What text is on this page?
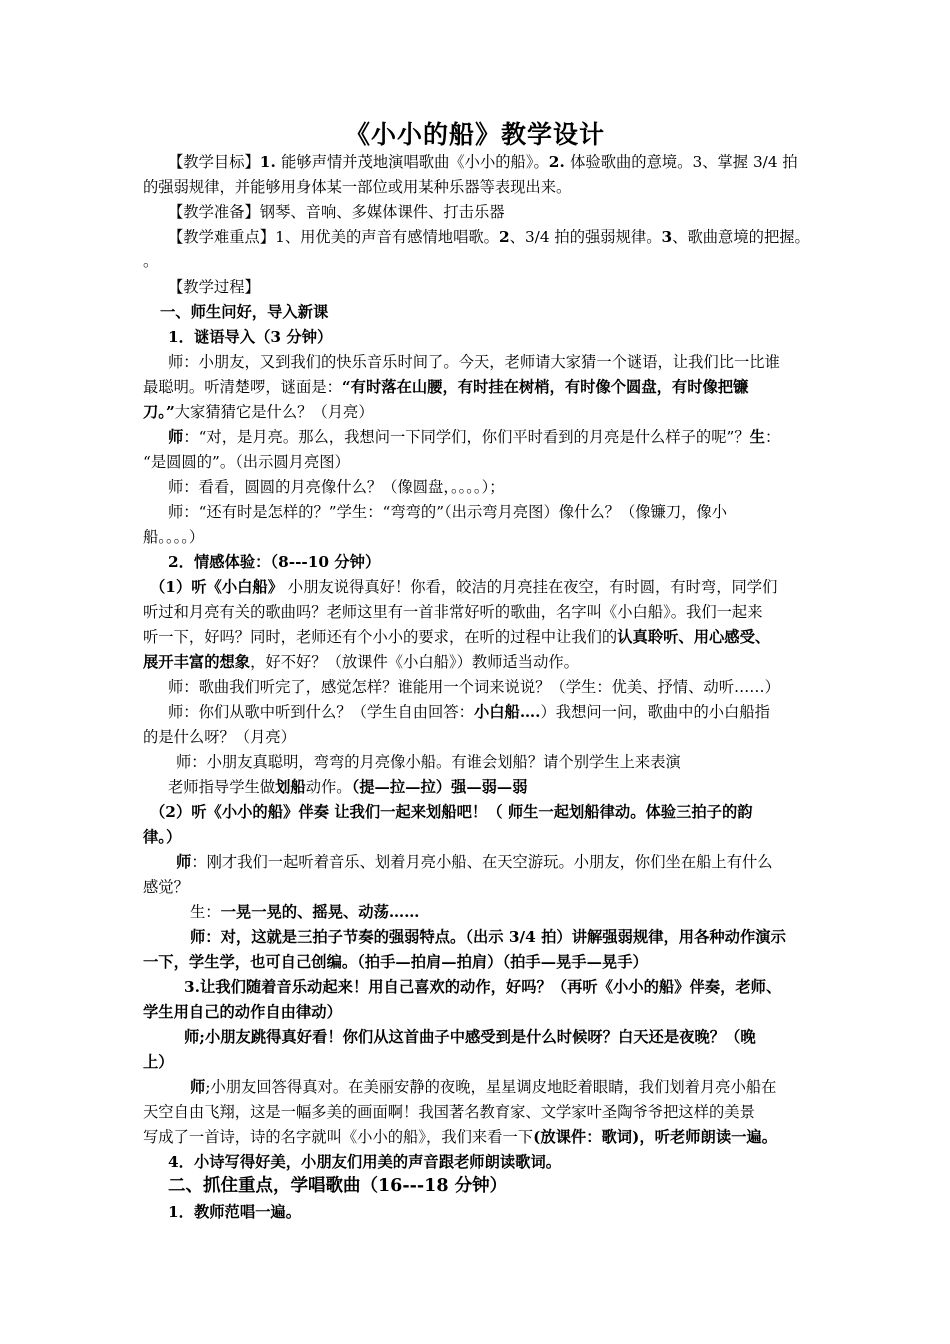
《小小的船》教学设计
【教学目标】1. 能够声情并茂地演唱歌曲《小小的船》。2. 体验歌曲的意境。3、掌握 3/4 拍
的强弱规律，并能够用身体某一部位或用某种乐器等表现出来。
【教学准备】钢琴、音响、多媒体课件、打击乐器
【教学难重点】1、用优美的声音有感情地唱歌。2、3/4 拍的强弱规律。3、歌曲意境的把握。
。
【教学过程】
一、师生问好，导入新课
1．谜语导入（3 分钟）
师：小朋友，又到我们的快乐音乐时间了。今天，老师请大家猜一个谜语，让我们比一比谁
最聪明。听清楚啰，谜面是：“有时落在山腰，有时挂在树梢，有时像个圆盘，有时像把镰
刀。”大家猜猜它是什么？（月亮）
师：“对，是月亮。那么，我想问一下同学们，你们平时看到的月亮是什么样子的呢”？生：
“是圆圆的”。（出示圆月亮图）
师：看看，圆圆的月亮像什么？（像圆盘，。。。。）；
师：“还有时是怎样的？”学生：“弯弯的”（出示弯月亮图）像什么？（像镰刀，像小
船。。。。）
2．情感体验：（8---10 分钟）
（1）听《小白船》 小朋友说得真好！你看，皎洁的月亮挂在夜空，有时圆，有时弯，同学们
听过和月亮有关的歌曲吗？老师这里有一首非常好听的歌曲，名字叫《小白船》。我们一起来
听一下，好吗？同时，老师还有个小小的要求，在听的过程中让我们的认真聆听、用心感受、
展开丰富的想象，好不好？（放课件《小白船》）教师适当动作。
师：歌曲我们听完了，感觉怎样？谁能用一个词来说说？（学生：优美、抒情、动听……）
师：你们从歌中听到什么？（学生自由回答：小白船….）我想问一问，歌曲中的小白船指
的是什么呀？（月亮）
师：小朋友真聪明，弯弯的月亮像小船。有谁会划船？请个别学生上来表演
老师指导学生做划船动作。（提—拉—拉）强—弱—弱
（2）听《小小的船》伴奏 让我们一起来划船吧！（ 师生一起划船律动。体验三拍子的韵
律。）
师：刚才我们一起听着音乐、划着月亮小船、在天空游玩。小朋友，你们坐在船上有什么
感觉？
生：一晃一晃的、摇晃、动荡……
师：对，这就是三拍子节奏的强弱特点。（出示 3/4 拍）讲解强弱规律，用各种动作演示
一下，学生学，也可自己创编。（拍手—拍肩—拍肩）（拍手—晃手—晃手）
3.让我们随着音乐动起来！用自己喜欢的动作，好吗？（再听《小小的船》伴奏，老师、
学生用自己的动作自由律动）
师;小朋友跳得真好看！你们从这首曲子中感受到是什么时候呀？白天还是夜晚？（晚
上）
师;小朋友回答得真对。在美丽安静的夜晚，星星调皮地眨着眼睛，我们划着月亮小船在
天空自由飞翔，这是一幅多美的画面啊！我国著名教育家、文学家叶圣陶爷爷把这样的美景
写成了一首诗，诗的名字就叫《小小的船》，我们来看一下(放课件：歌词)，听老师朗读一遍。
4．小诗写得好美，小朋友们用美的声音跟老师朗读歌词。
二、抓住重点，学唱歌曲（16---18 分钟）
1．教师范唱一遍。
